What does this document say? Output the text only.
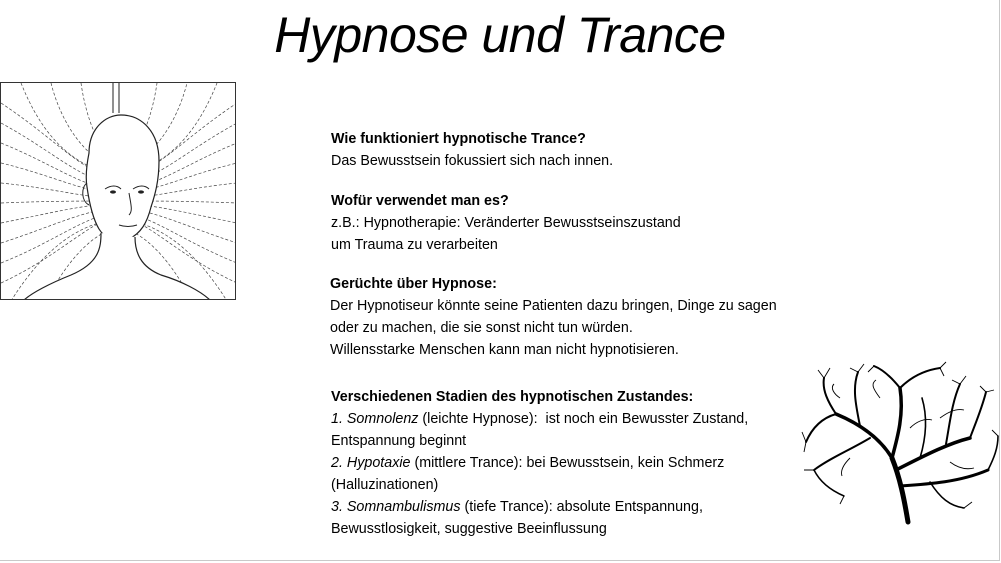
Hypnose und Trance
Wie funktioniert hypnotische Trance?
Das Bewusstsein fokussiert sich nach innen.
Wofür verwendet man es?
z.B.: Hypnotherapie: Veränderter Bewusstseinszustand
um Trauma zu verarbeiten
Gerüchte über Hypnose:
Der Hypnotiseur könnte seine Patienten dazu bringen, Dinge zu sagen
oder zu machen, die sie sonst nicht tun würden.
Willensstarke Menschen kann man nicht hypnotisieren.
Verschiedenen Stadien des hypnotischen Zustandes:
1. Somnolenz (leichte Hypnose):  ist noch ein Bewusster Zustand,
Entspannung beginnt
2. Hypotaxie (mittlere Trance): bei Bewusstsein, kein Schmerz
(Halluzinationen)
3. Somnambulismus (tiefe Trance): absolute Entspannung,
Bewusstlosigkeit, suggestive Beeinflussung
